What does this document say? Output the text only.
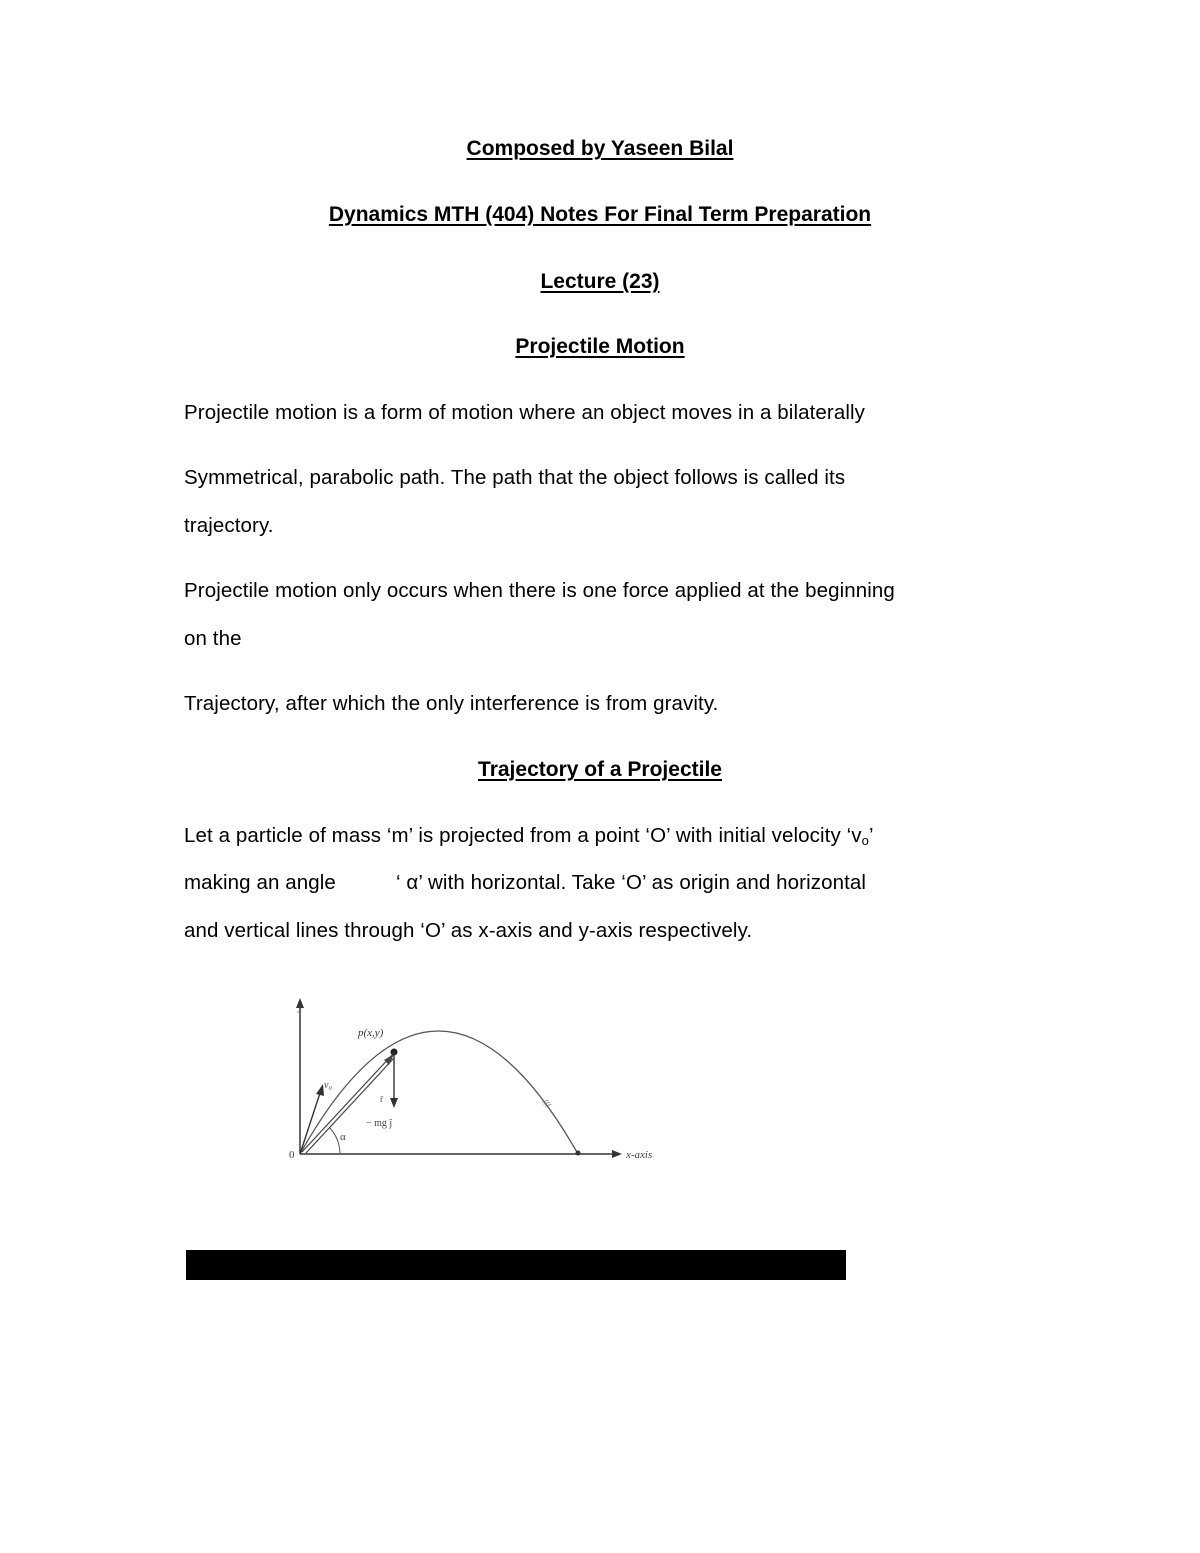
Composed by Yaseen Bilal

Dynamics MTH (404) Notes For Final Term Preparation

Lecture (23)

Projectile Motion

Projectile motion is a form of motion where an object moves in a bilaterally

Symmetrical, parabolic path. The path that the object follows is called its

trajectory.

Projectile motion only occurs when there is one force applied at the beginning

on the

Trajectory, after which the only interference is from gravity.

Trajectory of a Projectile

Let a particle of mass ‘m’ is projected from a point ‘O’ with initial velocity ‘$v_o$’

making an angle	‘ α’ with horizontal. Take ‘O’ as origin and horizontal

and vertical lines through ‘O’ as x-axis and y-axis respectively.

y
x-axis
0
///
p(x,y)
v₀
r̄
− mg ĵ
α
